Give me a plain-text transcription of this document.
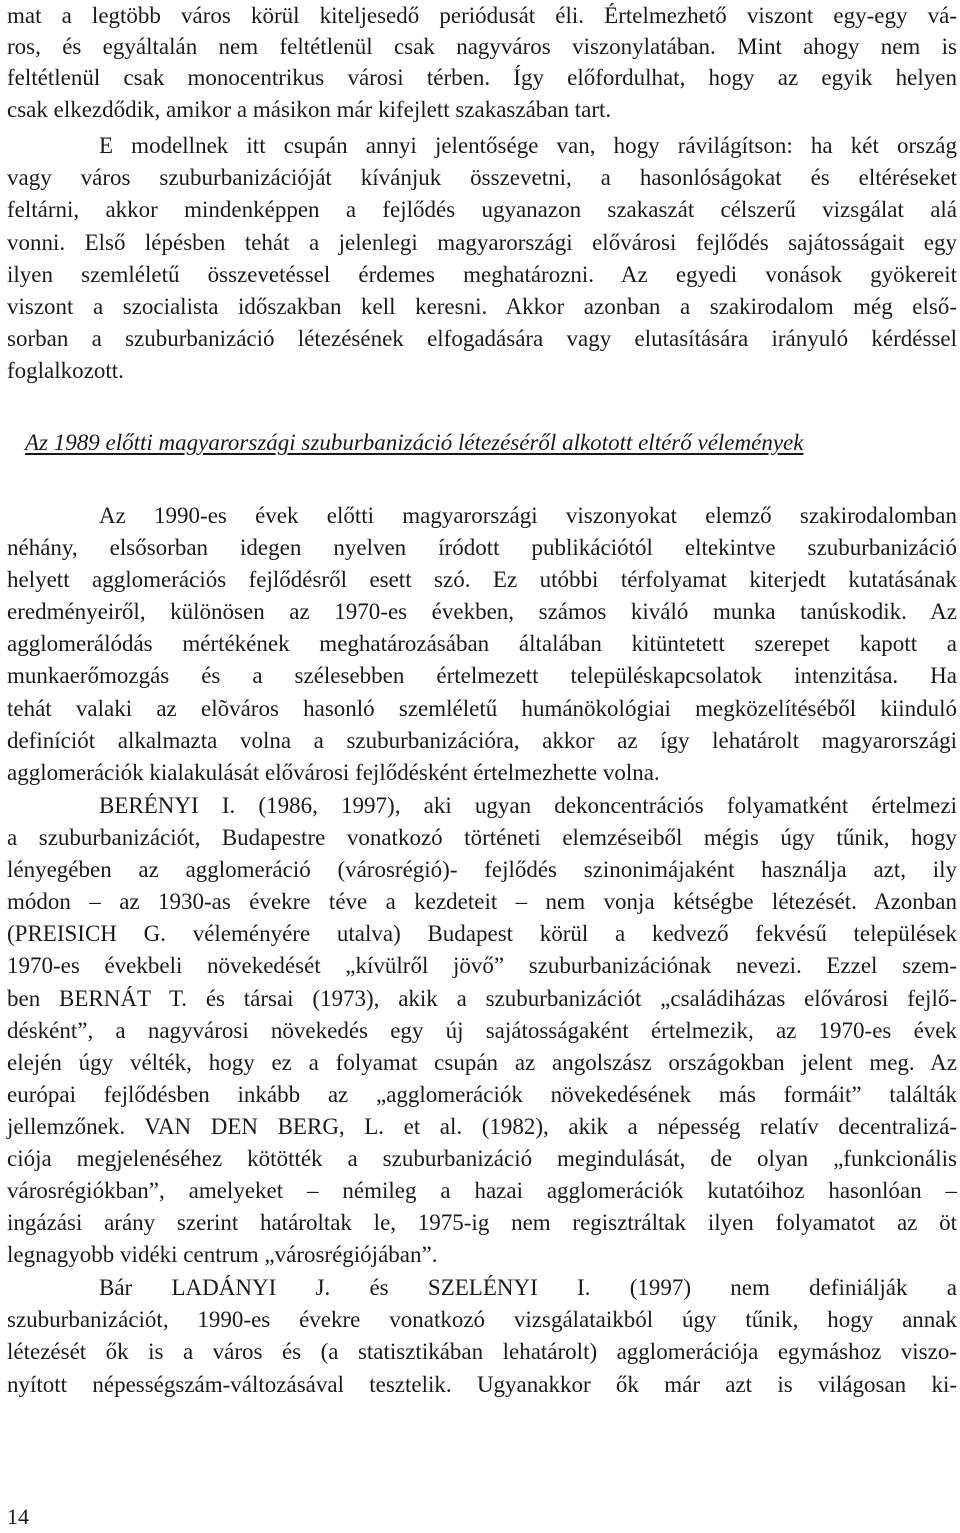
mat a legtöbb város körül kiteljesedő periódusát éli. Értelmezhető viszont egy-egy vá-
ros, és egyáltalán nem feltétlenül csak nagyváros viszonylatában. Mint ahogy nem is
feltétlenül csak monocentrikus városi térben. Így előfordulhat, hogy az egyik helyen
csak elkezdődik, amikor a másikon már kifejlett szakaszában tart.
E modellnek itt csupán annyi jelentősége van, hogy rávilágítson: ha két ország
vagy város szuburbanizációját kívánjuk összevetni, a hasonlóságokat és eltéréseket
feltárni, akkor mindenképpen a fejlődés ugyanazon szakaszát célszerű vizsgálat alá
vonni. Első lépésben tehát a jelenlegi magyarországi elővárosi fejlődés sajátosságait egy
ilyen szemléletű összevetéssel érdemes meghatározni. Az egyedi vonások gyökereit
viszont a szocialista időszakban kell keresni. Akkor azonban a szakirodalom még első-
sorban a szuburbanizáció létezésének elfogadására vagy elutasítására irányuló kérdéssel
foglalkozott.
Az 1989 előtti magyarországi szuburbanizáció létezéséről alkotott eltérő vélemények
Az 1990-es évek előtti magyarországi viszonyokat elemző szakirodalomban
néhány, elsősorban idegen nyelven íródott publikációtól eltekintve szuburbanizáció
helyett agglomerációs fejlődésről esett szó. Ez utóbbi térfolyamat kiterjedt kutatásának
eredményeiről, különösen az 1970-es években, számos kiváló munka tanúskodik. Az
agglomerálódás mértékének meghatározásában általában kitüntetett szerepet kapott a
munkaerőmozgás és a szélesebben értelmezett településkapcsolatok intenzitása. Ha
tehát valaki az elõváros hasonló szemléletű humánökológiai megközelítéséből kiinduló
definíciót alkalmazta volna a szuburbanizációra, akkor az így lehatárolt magyarországi
agglomerációk kialakulását elővárosi fejlődésként értelmezhette volna.
BERÉNYI I. (1986, 1997), aki ugyan dekoncentrációs folyamatként értelmezi
a szuburbanizációt, Budapestre vonatkozó történeti elemzéseiből mégis úgy tűnik, hogy
lényegében az agglomeráció (városrégió)- fejlődés szinonimájaként használja azt, ily
módon – az 1930-as évekre téve a kezdeteit – nem vonja kétségbe létezését. Azonban
(PREISICH G. véleményére utalva) Budapest körül a kedvező fekvésű települések
1970-es évekbeli növekedését „kívülről jövő” szuburbanizációnak nevezi. Ezzel szem-
ben BERNÁT T. és társai (1973), akik a szuburbanizációt „családiházas elővárosi fejlő-
désként”, a nagyvárosi növekedés egy új sajátosságaként értelmezik, az 1970-es évek
elején úgy vélték, hogy ez a folyamat csupán az angolszász országokban jelent meg. Az
európai fejlődésben inkább az „agglomerációk növekedésének más formáit” találták
jellemzőnek. VAN DEN BERG, L. et al. (1982), akik a népesség relatív decentralizá-
ciója megjelenéséhez kötötték a szuburbanizáció megindulását, de olyan „funkcionális
városrégiókban”, amelyeket – némileg a hazai agglomerációk kutatóihoz hasonlóan –
ingázási arány szerint határoltak le, 1975-ig nem regisztráltak ilyen folyamatot az öt
legnagyobb vidéki centrum „városrégiójában”.
Bár LADÁNYI J. és SZELÉNYI I. (1997) nem definiálják a
szuburbanizációt, 1990-es évekre vonatkozó vizsgálataikból úgy tűnik, hogy annak
létezését ők is a város és (a statisztikában lehatárolt) agglomerációja egymáshoz viszo-
nyított népességszám-változásával tesztelik. Ugyanakkor ők már azt is világosan ki-
14
